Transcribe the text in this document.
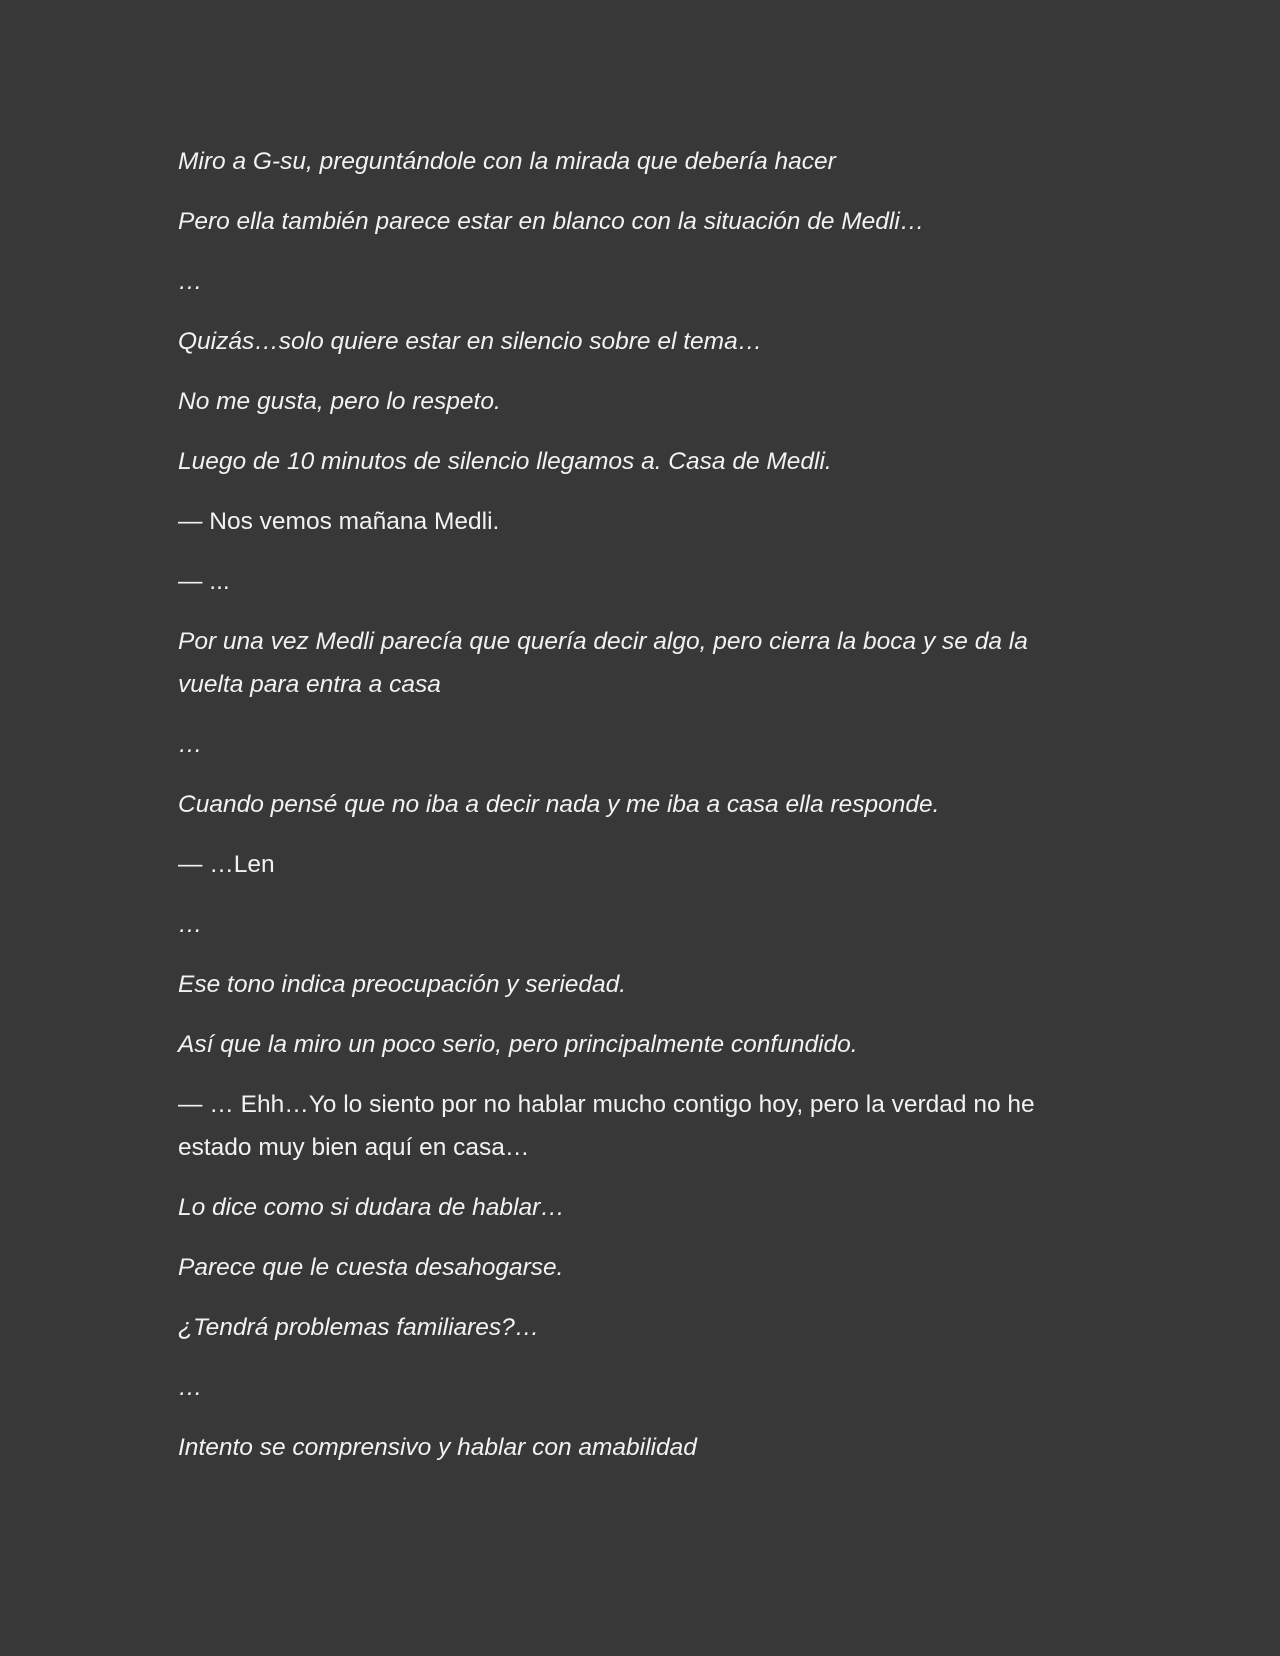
Miro a G-su, preguntándole con la mirada que debería hacer

Pero ella también parece estar en blanco con la situación de Medli…

…

Quizás…solo quiere estar en silencio sobre el tema…

No me gusta, pero lo respeto.

Luego de 10 minutos de silencio llegamos a. Casa de Medli.

— Nos vemos mañana Medli.

— ...

Por una vez Medli parecía que quería decir algo, pero cierra la boca y se da la vuelta para entra a casa

…

Cuando pensé que no iba a decir nada y me iba a casa ella responde.

— …Len

…

Ese tono indica preocupación y seriedad.

Así que la miro un poco serio, pero principalmente confundido.

— … Ehh…Yo lo siento por no hablar mucho contigo hoy, pero la verdad no he estado muy bien aquí en casa…

Lo dice como si dudara de hablar…

Parece que le cuesta desahogarse.

¿Tendrá problemas familiares?…

…

Intento se comprensivo y hablar con amabilidad
